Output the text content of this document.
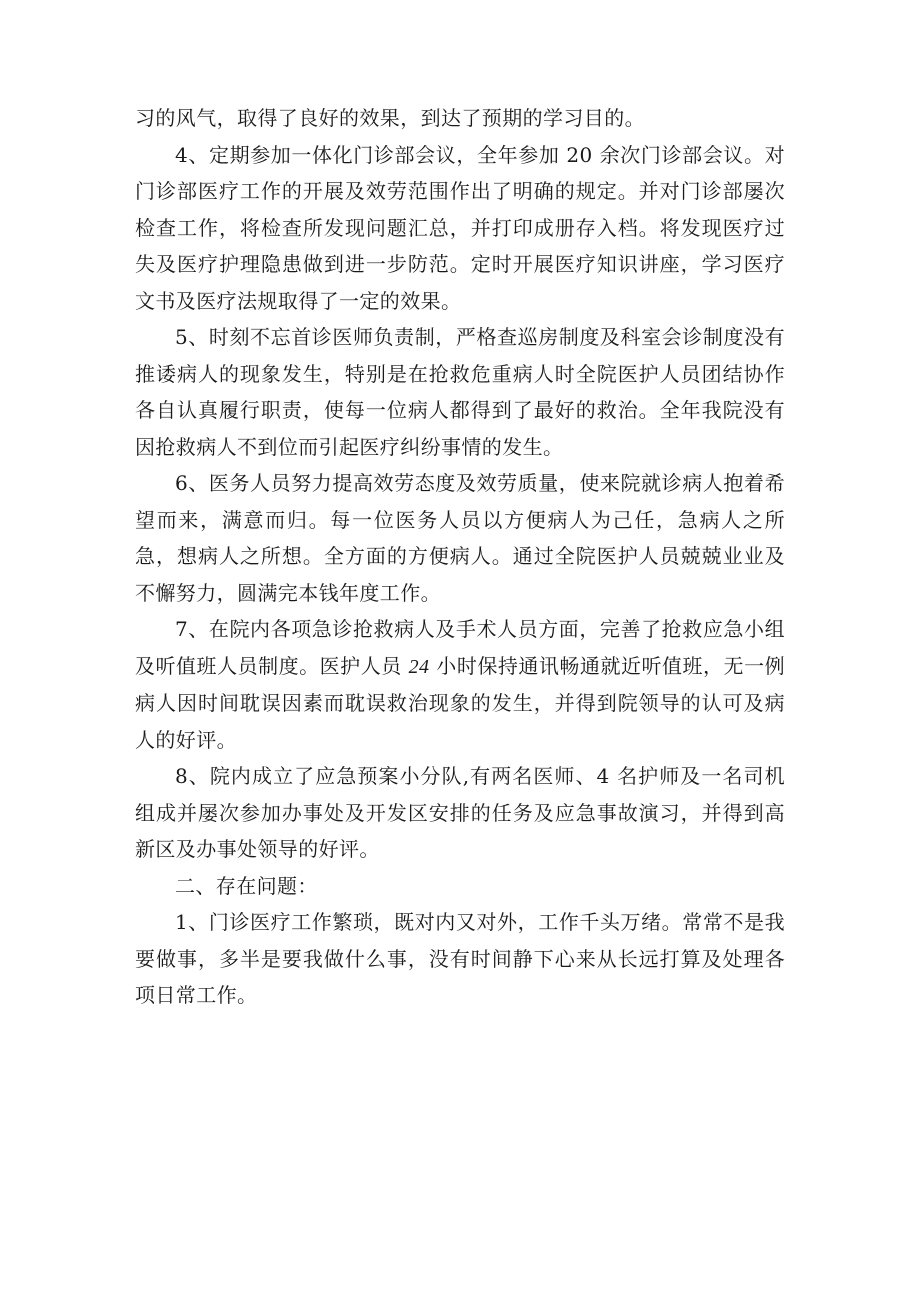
习的风气，取得了良好的效果，到达了预期的学习目的。

4、定期参加一体化门诊部会议，全年参加 20 余次门诊部会议。对门诊部医疗工作的开展及效劳范围作出了明确的规定。并对门诊部屡次检查工作，将检查所发现问题汇总，并打印成册存入档。将发现医疗过失及医疗护理隐患做到进一步防范。定时开展医疗知识讲座，学习医疗文书及医疗法规取得了一定的效果。

5、时刻不忘首诊医师负责制，严格查巡房制度及科室会诊制度没有推诿病人的现象发生，特别是在抢救危重病人时全院医护人员团结协作各自认真履行职责，使每一位病人都得到了最好的救治。全年我院没有因抢救病人不到位而引起医疗纠纷事情的发生。

6、医务人员努力提高效劳态度及效劳质量，使来院就诊病人抱着希望而来，满意而归。每一位医务人员以方便病人为己任，急病人之所急，想病人之所想。全方面的方便病人。通过全院医护人员兢兢业业及不懈努力，圆满完本钱年度工作。

7、在院内各项急诊抢救病人及手术人员方面，完善了抢救应急小组及听值班人员制度。医护人员 24 小时保持通讯畅通就近听值班，无一例病人因时间耽误因素而耽误救治现象的发生，并得到院领导的认可及病人的好评。

8、院内成立了应急预案小分队,有两名医师、4 名护师及一名司机组成并屡次参加办事处及开发区安排的任务及应急事故演习，并得到高新区及办事处领导的好评。

二、存在问题：

1、门诊医疗工作繁琐，既对内又对外，工作千头万绪。常常不是我要做事，多半是要我做什么事，没有时间静下心来从长远打算及处理各项日常工作。
